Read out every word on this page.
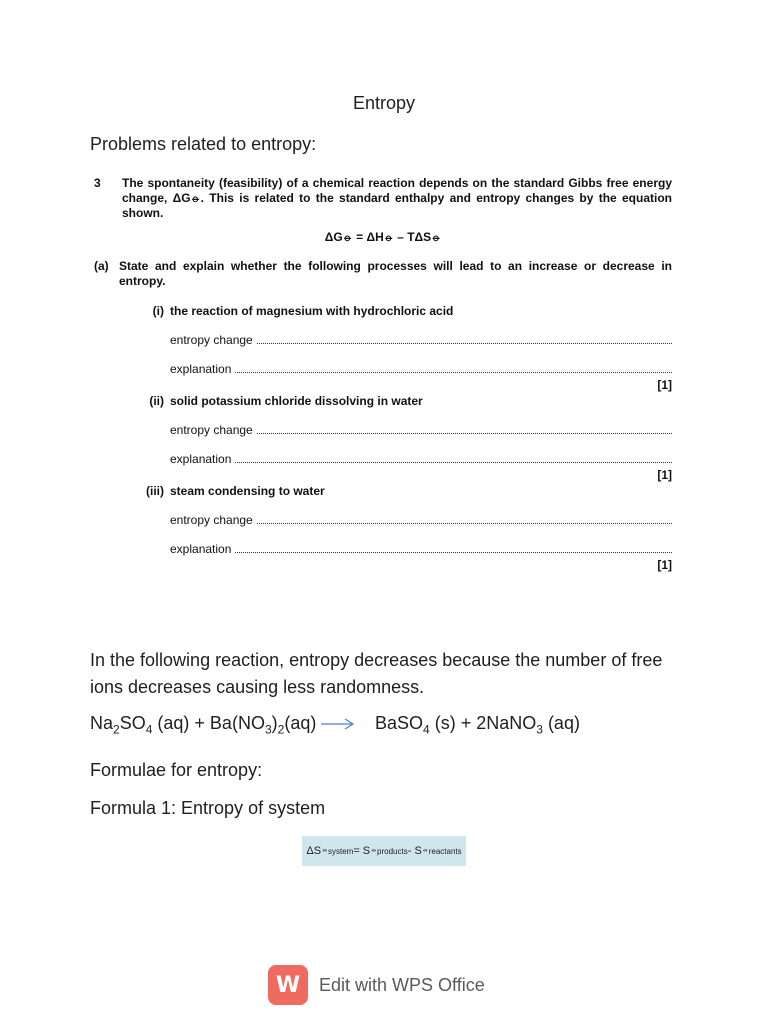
Entropy
Problems related to entropy:
3	The spontaneity (feasibility) of a chemical reaction depends on the standard Gibbs free energy change, ΔG⦵. This is related to the standard enthalpy and entropy changes by the equation shown.
ΔG⦵ = ΔH⦵ – TΔS⦵
(a) State and explain whether the following processes will lead to an increase or decrease in entropy.
(i) the reaction of magnesium with hydrochloric acid
entropy change
explanation
[1]
(ii) solid potassium chloride dissolving in water
entropy change
explanation
[1]
(iii) steam condensing to water
entropy change
explanation
[1]
In the following reaction, entropy decreases because the number of free ions decreases causing less randomness.
$Na_2SO_4$ $(aq) + Ba(NO_3)_2(aq)$ → BaSO$_4$ (s) + 2NaNO$_3$ (aq)
Formulae for entropy:
Formula 1: Entropy of system
ΔS ⦵ system = S ⦵ products - S ⦵ reactants
W	Edit with WPS Office
